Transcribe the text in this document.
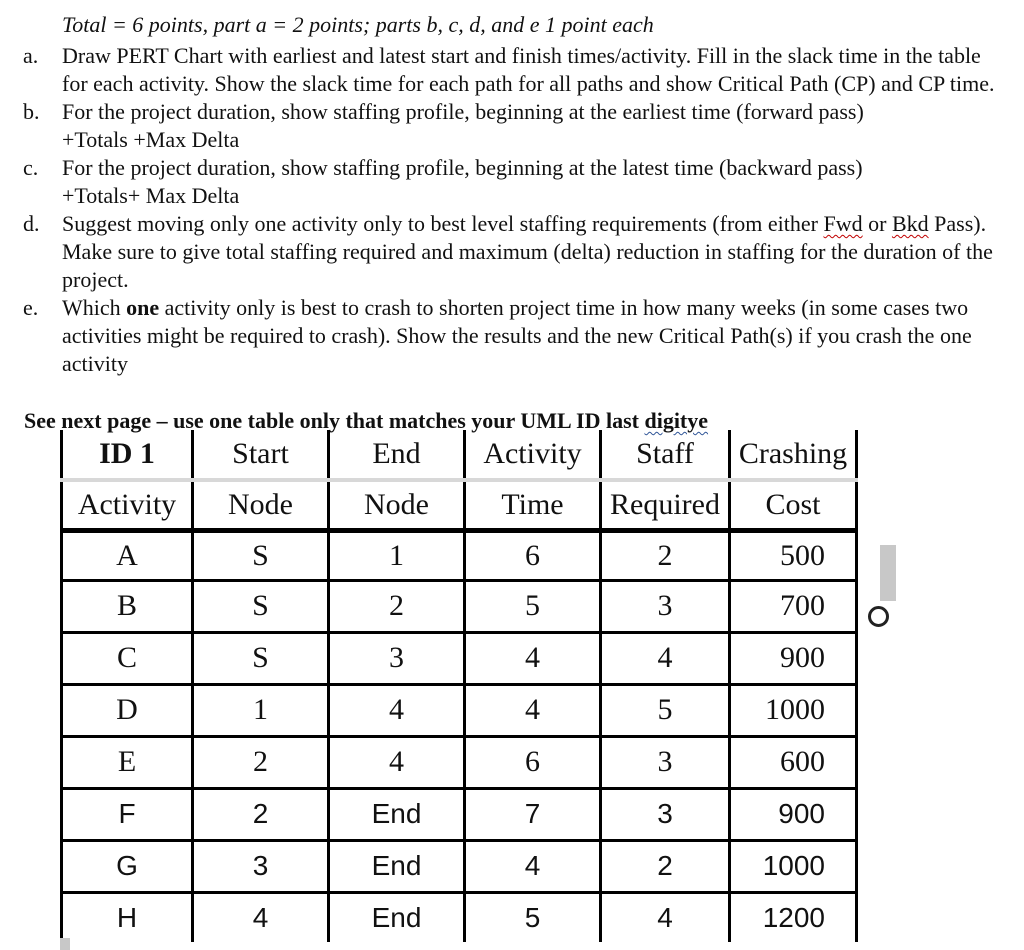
Total = 6 points, part a = 2 points; parts b, c, d, and e 1 point each
a. Draw PERT Chart with earliest and latest start and finish times/activity. Fill in the slack time in the table for each activity. Show the slack time for each path for all paths and show Critical Path (CP) and CP time.
b. For the project duration, show staffing profile, beginning at the earliest time (forward pass)
+Totals +Max Delta
c. For the project duration, show staffing profile, beginning at the latest time (backward pass)
+Totals+ Max Delta
d. Suggest moving only one activity only to best level staffing requirements (from either Fwd or Bkd Pass). Make sure to give total staffing required and maximum (delta) reduction in staffing for the duration of the project.
e. Which one activity only is best to crash to shorten project time in how many weeks (in some cases two activities might be required to crash). Show the results and the new Critical Path(s) if you crash the one activity
See next page – use one table only that matches your UML ID last digitye
ID 1	Start	End	Activity	Staff	Crashing
Activity	Node	Node	Time	Required	Cost
A	S	1	6	2	500
B	S	2	5	3	700
C	S	3	4	4	900
D	1	4	4	5	1000
E	2	4	6	3	600
F	2	End	7	3	900
G	3	End	4	2	1000
H	4	End	5	4	1200
